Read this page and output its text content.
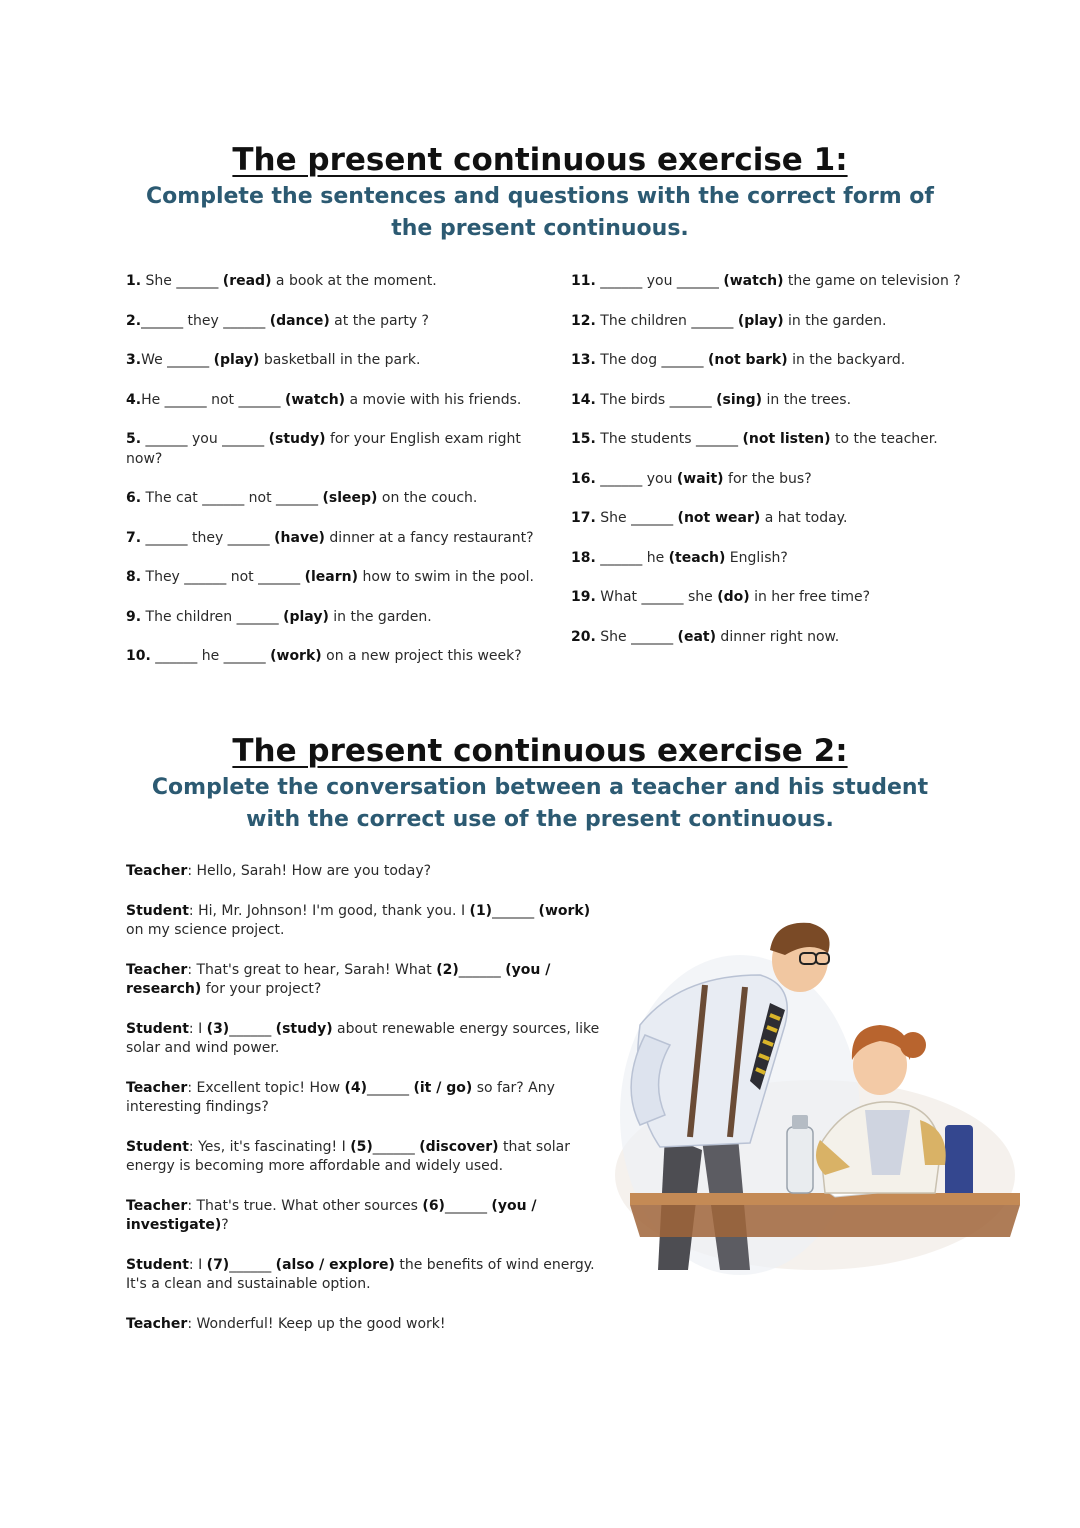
The present continuous exercise 1:

Complete the sentences and questions with the correct form of the present continuous.

1. She ______ (read) a book at the moment.

2.______ they ______ (dance) at the party ?

3.We ______ (play) basketball in the park.

4.He ______ not ______ (watch) a movie with his friends.

5. ______ you ______ (study) for your English exam right now?

6. The cat ______ not ______ (sleep) on the couch.

7. ______ they ______ (have) dinner at a fancy restaurant?

8. They ______ not ______ (learn) how to swim in the pool.

9. The children ______ (play) in the garden.

10. ______ he ______ (work) on a new project this week?

11. ______ you ______ (watch) the game on television ?

12. The children ______ (play) in the garden.

13. The dog ______ (not bark) in the backyard.

14. The birds ______ (sing) in the trees.

15. The students ______ (not listen) to the teacher.

16. ______ you (wait) for the bus?

17. She ______ (not wear) a hat today.

18. ______ he (teach) English?

19. What ______ she (do) in her free time?

20. She ______ (eat) dinner right now.

The present continuous exercise 2:

Complete the conversation between a teacher and his student with the correct use of the present continuous.

Teacher: Hello, Sarah! How are you today?

Student: Hi, Mr. Johnson! I'm good, thank you. I (1)______ (work) on my science project.

Teacher: That's great to hear, Sarah! What (2)______ (you / research) for your project?

Student: I (3)______ (study) about renewable energy sources, like solar and wind power.

Teacher: Excellent topic! How (4)______ (it / go) so far? Any interesting findings?

Student: Yes, it's fascinating! I (5)______ (discover) that solar energy is becoming more affordable and widely used.

Teacher: That's true. What other sources (6)______ (you / investigate)?

Student: I (7)______ (also / explore) the benefits of wind energy. It's a clean and sustainable option.

Teacher: Wonderful! Keep up the good work!
